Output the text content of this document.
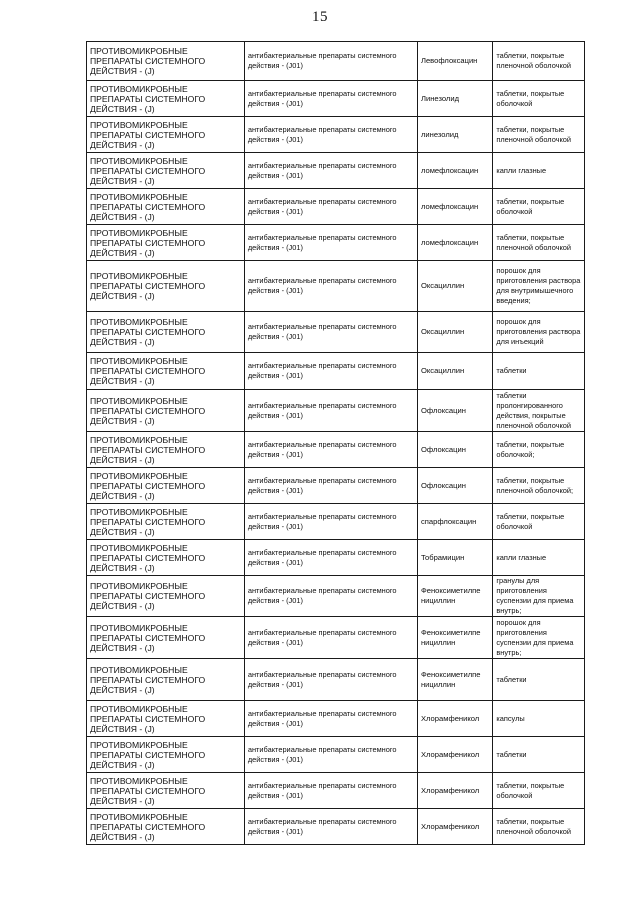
15
ПРОТИВОМИКРОБНЫЕ ПРЕПАРАТЫ СИСТЕМНОГО ДЕЙСТВИЯ - (J)	антибактериальные препараты системного действия - (J01)	Левофлоксацин	таблетки, покрытые пленочной оболочкой
ПРОТИВОМИКРОБНЫЕ ПРЕПАРАТЫ СИСТЕМНОГО ДЕЙСТВИЯ - (J)	антибактериальные препараты системного действия - (J01)	Линезолид	таблетки, покрытые оболочкой
ПРОТИВОМИКРОБНЫЕ ПРЕПАРАТЫ СИСТЕМНОГО ДЕЙСТВИЯ - (J)	антибактериальные препараты системного действия - (J01)	линезолид	таблетки, покрытые пленочной оболочкой
ПРОТИВОМИКРОБНЫЕ ПРЕПАРАТЫ СИСТЕМНОГО ДЕЙСТВИЯ - (J)	антибактериальные препараты системного действия - (J01)	ломефлоксацин	капли глазные
ПРОТИВОМИКРОБНЫЕ ПРЕПАРАТЫ СИСТЕМНОГО ДЕЙСТВИЯ - (J)	антибактериальные препараты системного действия - (J01)	ломефлоксацин	таблетки, покрытые оболочкой
ПРОТИВОМИКРОБНЫЕ ПРЕПАРАТЫ СИСТЕМНОГО ДЕЙСТВИЯ - (J)	антибактериальные препараты системного действия - (J01)	ломефлоксацин	таблетки, покрытые пленочной оболочкой
ПРОТИВОМИКРОБНЫЕ ПРЕПАРАТЫ СИСТЕМНОГО ДЕЙСТВИЯ - (J)	антибактериальные препараты системного действия - (J01)	Оксациллин	порошок для приготовления раствора для внутримышечного введения;
ПРОТИВОМИКРОБНЫЕ ПРЕПАРАТЫ СИСТЕМНОГО ДЕЙСТВИЯ - (J)	антибактериальные препараты системного действия - (J01)	Оксациллин	порошок для приготовления раствора для инъекций
ПРОТИВОМИКРОБНЫЕ ПРЕПАРАТЫ СИСТЕМНОГО ДЕЙСТВИЯ - (J)	антибактериальные препараты системного действия - (J01)	Оксациллин	таблетки
ПРОТИВОМИКРОБНЫЕ ПРЕПАРАТЫ СИСТЕМНОГО ДЕЙСТВИЯ - (J)	антибактериальные препараты системного действия - (J01)	Офлоксацин	таблетки пролонгированного действия, покрытые пленочной оболочкой
ПРОТИВОМИКРОБНЫЕ ПРЕПАРАТЫ СИСТЕМНОГО ДЕЙСТВИЯ - (J)	антибактериальные препараты системного действия - (J01)	Офлоксацин	таблетки, покрытые оболочкой;
ПРОТИВОМИКРОБНЫЕ ПРЕПАРАТЫ СИСТЕМНОГО ДЕЙСТВИЯ - (J)	антибактериальные препараты системного действия - (J01)	Офлоксацин	таблетки, покрытые пленочной оболочкой;
ПРОТИВОМИКРОБНЫЕ ПРЕПАРАТЫ СИСТЕМНОГО ДЕЙСТВИЯ - (J)	антибактериальные препараты системного действия - (J01)	спарфлоксацин	таблетки, покрытые оболочкой
ПРОТИВОМИКРОБНЫЕ ПРЕПАРАТЫ СИСТЕМНОГО ДЕЙСТВИЯ - (J)	антибактериальные препараты системного действия - (J01)	Тобрамицин	капли глазные
ПРОТИВОМИКРОБНЫЕ ПРЕПАРАТЫ СИСТЕМНОГО ДЕЙСТВИЯ - (J)	антибактериальные препараты системного действия - (J01)	Феноксиметилпе нициллин	гранулы для приготовления суспензии для приема внутрь;
ПРОТИВОМИКРОБНЫЕ ПРЕПАРАТЫ СИСТЕМНОГО ДЕЙСТВИЯ - (J)	антибактериальные препараты системного действия - (J01)	Феноксиметилпе нициллин	порошок для приготовления суспензии для приема внутрь;
ПРОТИВОМИКРОБНЫЕ ПРЕПАРАТЫ СИСТЕМНОГО ДЕЙСТВИЯ - (J)	антибактериальные препараты системного действия - (J01)	Феноксиметилпе нициллин	таблетки
ПРОТИВОМИКРОБНЫЕ ПРЕПАРАТЫ СИСТЕМНОГО ДЕЙСТВИЯ - (J)	антибактериальные препараты системного действия - (J01)	Хлорамфеникол	капсулы
ПРОТИВОМИКРОБНЫЕ ПРЕПАРАТЫ СИСТЕМНОГО ДЕЙСТВИЯ - (J)	антибактериальные препараты системного действия - (J01)	Хлорамфеникол	таблетки
ПРОТИВОМИКРОБНЫЕ ПРЕПАРАТЫ СИСТЕМНОГО ДЕЙСТВИЯ - (J)	антибактериальные препараты системного действия - (J01)	Хлорамфеникол	таблетки, покрытые оболочкой
ПРОТИВОМИКРОБНЫЕ ПРЕПАРАТЫ СИСТЕМНОГО ДЕЙСТВИЯ - (J)	антибактериальные препараты системного действия - (J01)	Хлорамфеникол	таблетки, покрытые пленочной оболочкой
